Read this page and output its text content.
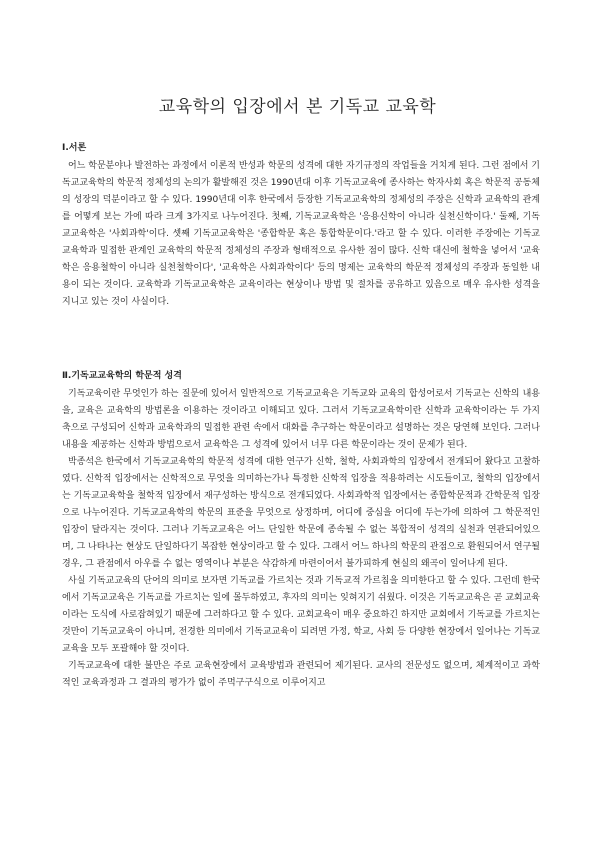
교육학의 입장에서 본 기독교 교육학
Ⅰ.서론

어느 학문분야나 발전하는 과정에서 이론적 반성과 학문의 성격에 대한 자기규정의 작업들을 거치게 된다. 그런 점에서 기독교교육학의 학문적 정체성의 논의가 활발해진 것은 1990년대 이후 기독교교육에 종사하는 학자사회 혹은 학문적 공동체의 성장의 덕분이라고 할 수 있다. 1990년대 이후 한국에서 등장한 기독교교육학의 정체성의 주장은 신학과 교육학의 관계를 어떻게 보는 가에 따라 크게 3가지로 나누어진다. 첫째, 기독교교육학은 '응용신학이 아니라 실천신학이다.' 둘째, 기독교교육학은 '사회과학'이다. 셋째 기독교교육학은 '종합학문 혹은 통합학문이다.'라고 할 수 있다. 이러한 주장에는 기독교교육학과 밀접한 관계인 교육학의 학문적 정체성의 주장과 형태적으로 유사한 점이 많다. 신학 대신에 철학을 넣어서 '교육학은 응용철학이 아니라 실천철학이다', '교육학은 사회과학이다' 등의 명제는 교육학의 학문적 정체성의 주장과 동일한 내용이 되는 것이다. 교육학과 기독교교육학은 교육이라는 현상이나 방법 및 절차를 공유하고 있음으로 매우 유사한 성격을 지니고 있는 것이 사실이다.

Ⅱ.기독교교육학의 학문적 성격

기독교육이란 무엇인가 하는 질문에 있어서 일반적으로 기독교교육은 기독교와 교육의 합성어로서 기독교는 신학의 내용을, 교육은 교육학의 방법론을 이용하는 것이라고 이해되고 있다. 그러서 기독교교육학이란 신학과 교육학이라는 두 가지 축으로 구성되어 신학과 교육학과의 밀접한 관련 속에서 대화를 추구하는 학문이라고 설명하는 것은 당연해 보인다. 그러나 내용을 제공하는 신학과 방법으로서 교육학은 그 성격에 있어서 너무 다른 학문이라는 것이 문제가 된다.

박종석은 한국에서 기독교교육학의 학문적 성격에 대한 연구가 신학, 철학, 사회과학의 입장에서 전개되어 왔다고 고찰하였다. 신학적 입장에서는 신학적으로 무엇을 의미하는가나 특정한 신학적 입장을 적용하려는 시도들이고, 철학의 입장에서는 기독교교육학을 철학적 입장에서 재구성하는 방식으로 전개되었다. 사회과학적 입장에서는 종합학문적과 간학문적 입장으로 나누어진다. 기독교교육학의 학문의 표준을 무엇으로 상정하며, 어디에 중심을 어디에 두는가에 의하여 그 학문적인 입장이 달라지는 것이다. 그러나 기독교교육은 어느 단일한 학문에 종속될 수 없는 복합적이 성격의 실천과 연관되어있으며, 그 나타나는 현상도 단일하다기 복잡한 현상이라고 할 수 있다. 그래서 어느 하나의 학문의 관점으로 환원되어서 연구될 경우, 그 관점에서 아우를 수 없는 영역이나 부분은 삭감하게 마련이어서 불가피하게 현실의 왜곡이 일어나게 된다.

사실 기독교교육의 단어의 의미로 보자면 기독교를 가르치는 것과 기독교적 가르침을 의미한다고 할 수 있다. 그런데 한국에서 기독교교육은 기독교를 가르치는 일에 몰두하였고, 후자의 의미는 잊혀지기 쉬웠다. 이것은 기독교교육은 곧 교회교육이라는 도식에 사로잡혀있기 때문에 그러하다고 할 수 있다. 교회교육이 매우 중요하긴 하지만 교회에서 기독교를 가르치는 것만이 기독교교육이 아니며, 전경한 의미에서 기독교교육이 되려면 가정, 학교, 사회 등 다양한 현장에서 일어나는 기독교교육을 모두 포괄해야 할 것이다.

기독교교육에 대한 불만은 주로 교육현장에서 교육방법과 관련되어 제기된다. 교사의 전문성도 없으며, 체계적이고 과학적인 교육과정과 그 결과의 평가가 없이 주먹구구식으로 이루어지고
